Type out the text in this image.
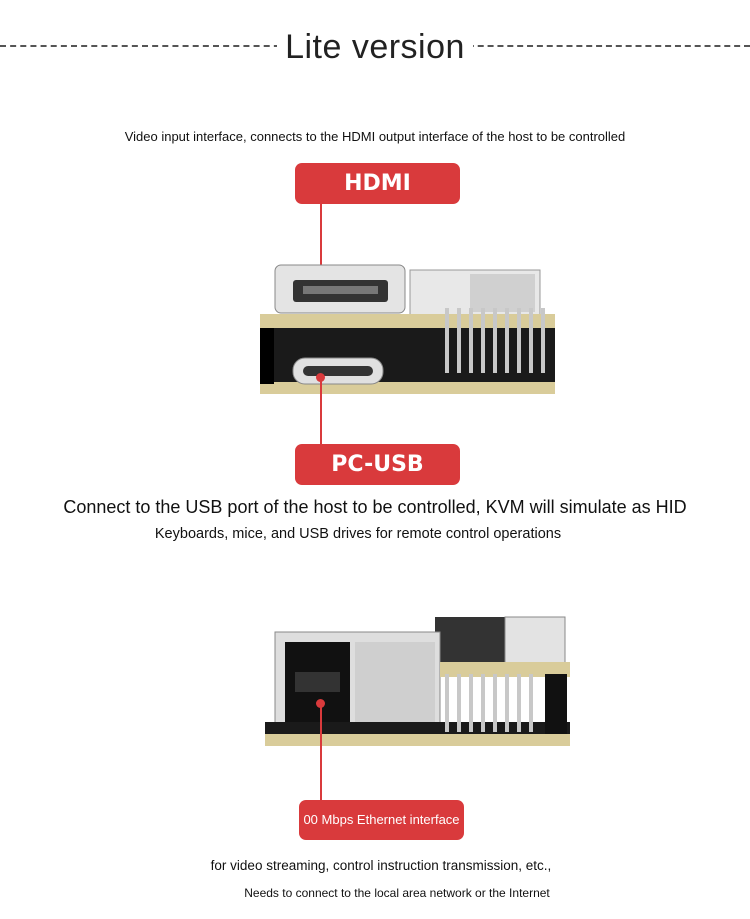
Lite version
Video input interface, connects to the HDMI output interface of the host to be controlled
HDMI
PC-USB
Connect to the USB port of the host to be controlled, KVM will simulate as HID
Keyboards, mice, and USB drives for remote control operations
00 Mbps Ethernet interface
for video streaming, control instruction transmission, etc.,
Needs to connect to the local area network or the Internet
